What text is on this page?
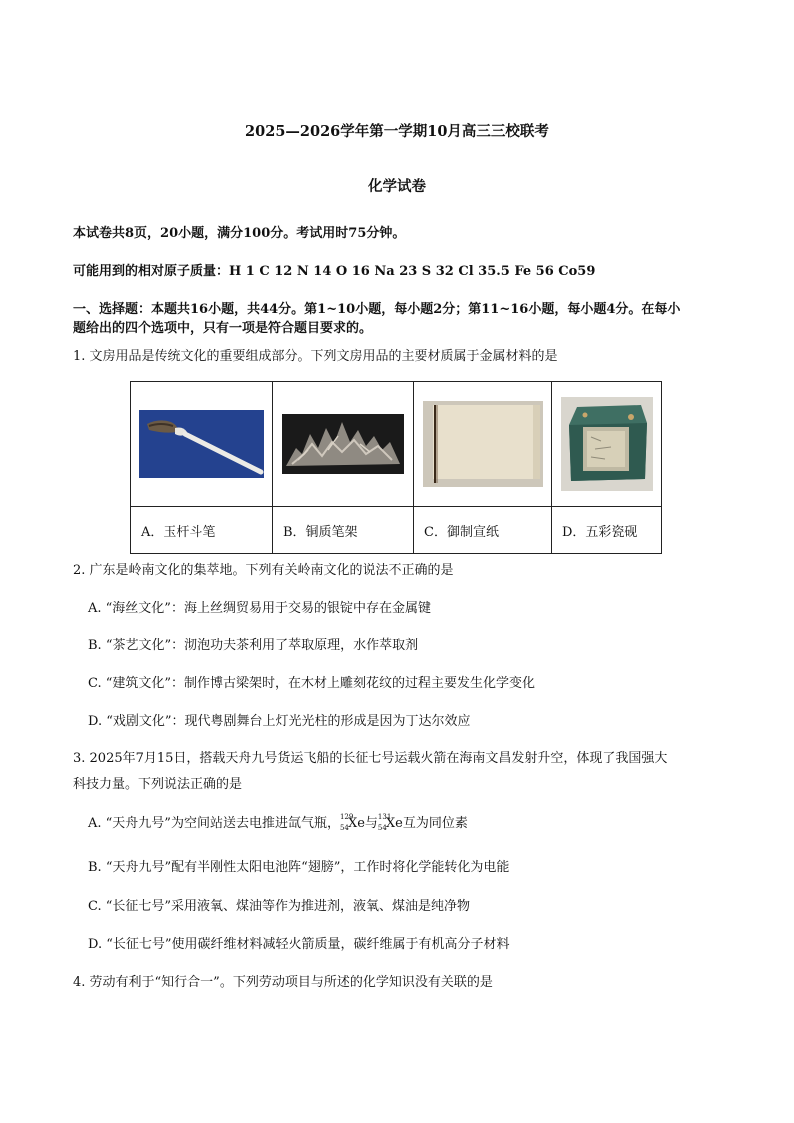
2025—2026学年第一学期10月高三三校联考
化学试卷
本试卷共8页，20小题，满分100分。考试用时75分钟。
可能用到的相对原子质量：H 1 C 12 N 14 O 16 Na 23 S 32 Cl 35.5 Fe 56 Co59
一、选择题：本题共16小题，共44分。第1~10小题，每小题2分；第11~16小题，每小题4分。在每小
题给出的四个选项中，只有一项是符合题目要求的。
1. 文房用品是传统文化的重要组成部分。下列文房用品的主要材质属于金属材料的是

A．玉杆斗笔	B．铜质笔架	C．御制宣纸	D．五彩瓷砚
2. 广东是岭南文化的集萃地。下列有关岭南文化的说法不正确的是
A. “海丝文化”：海上丝绸贸易用于交易的银锭中存在金属键
B. “茶艺文化”：沏泡功夫茶利用了萃取原理，水作萃取剂
C. “建筑文化”：制作博古梁架时，在木材上雕刻花纹的过程主要发生化学变化
D. “戏剧文化”：现代粤剧舞台上灯光光柱的形成是因为丁达尔效应
3. 2025年7月15日，搭载天舟九号货运飞船的长征七号运载火箭在海南文昌发射升空，体现了我国强大
科技力量。下列说法正确的是
A. “天舟九号”为空间站送去电推进氙气瓶， 129
54 Xe与 131
54 Xe互为同位素
B. “天舟九号”配有半刚性太阳电池阵“翅膀”，工作时将化学能转化为电能
C. “长征七号”采用液氧、煤油等作为推进剂，液氧、煤油是纯净物
D. “长征七号”使用碳纤维材料减轻火箭质量，碳纤维属于有机高分子材料
4. 劳动有利于“知行合一”。下列劳动项目与所述的化学知识没有关联的是
